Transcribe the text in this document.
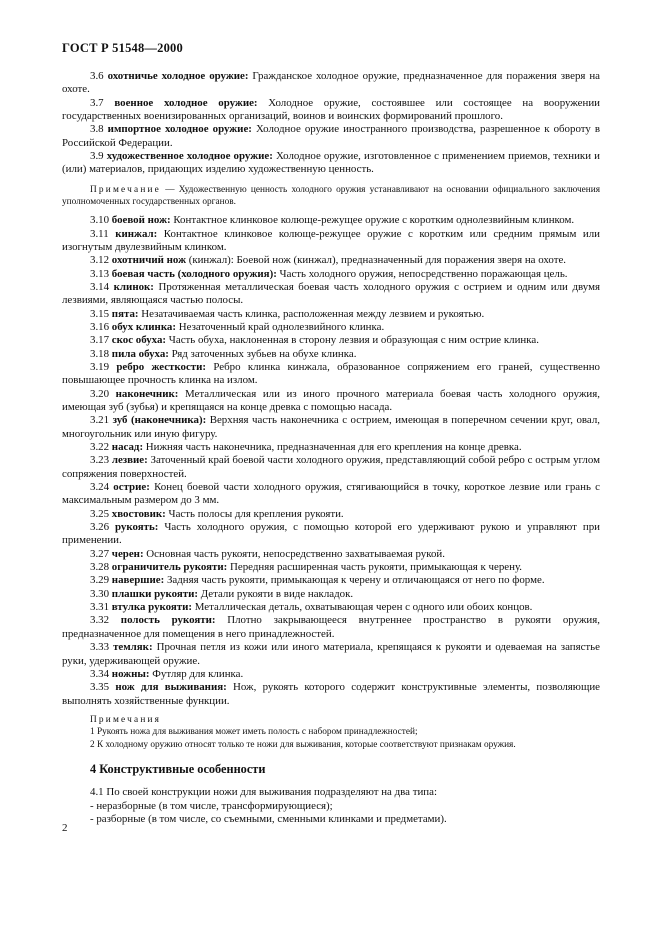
ГОСТ Р 51548—2000

3.6 охотничье холодное оружие: Гражданское холодное оружие, предназначенное для поражения зверя на охоте.

3.7 военное холодное оружие: Холодное оружие, состоявшее или состоящее на вооружении государственных военизированных организаций, воинов и воинских формирований прошлого.

3.8 импортное холодное оружие: Холодное оружие иностранного производства, разрешенное к обороту в Российской Федерации.

3.9 художественное холодное оружие: Холодное оружие, изготовленное с применением приемов, техники и (или) материалов, придающих изделию художественную ценность.

Примечание — Художественную ценность холодного оружия устанавливают на основании официального заключения уполномоченных государственных органов.

3.10 боевой нож: Контактное клинковое колюще-режущее оружие с коротким однолезвийным клинком.

3.11 кинжал: Контактное клинковое колюще-режущее оружие с коротким или средним прямым или изогнутым двулезвийным клинком.

3.12 охотничий нож (кинжал): Боевой нож (кинжал), предназначенный для поражения зверя на охоте.

3.13 боевая часть (холодного оружия): Часть холодного оружия, непосредственно поражающая цель.

3.14 клинок: Протяженная металлическая боевая часть холодного оружия с острием и одним или двумя лезвиями, являющаяся частью полосы.

3.15 пята: Незатачиваемая часть клинка, расположенная между лезвием и рукоятью.

3.16 обух клинка: Незаточенный край однолезвийного клинка.

3.17 скос обуха: Часть обуха, наклоненная в сторону лезвия и образующая с ним острие клинка.

3.18 пила обуха: Ряд заточенных зубьев на обухе клинка.

3.19 ребро жесткости: Ребро клинка кинжала, образованное сопряжением его граней, существенно повышающее прочность клинка на излом.

3.20 наконечник: Металлическая или из иного прочного материала боевая часть холодного оружия, имеющая зуб (зубья) и крепящаяся на конце древка с помощью насада.

3.21 зуб (наконечника): Верхняя часть наконечника с острием, имеющая в поперечном сечении круг, овал, многоугольник или иную фигуру.

3.22 насад: Нижняя часть наконечника, предназначенная для его крепления на конце древка.

3.23 лезвие: Заточенный край боевой части холодного оружия, представляющий собой ребро с острым углом сопряжения поверхностей.

3.24 острие: Конец боевой части холодного оружия, стягивающийся в точку, короткое лезвие или грань с максимальным размером до 3 мм.

3.25 хвостовик: Часть полосы для крепления рукояти.

3.26 рукоять: Часть холодного оружия, с помощью которой его удерживают рукою и управляют при применении.

3.27 черен: Основная часть рукояти, непосредственно захватываемая рукой.

3.28 ограничитель рукояти: Передняя расширенная часть рукояти, примыкающая к черену.

3.29 навершие: Задняя часть рукояти, примыкающая к черену и отличающаяся от него по форме.

3.30 плашки рукояти: Детали рукояти в виде накладок.

3.31 втулка рукояти: Металлическая деталь, охватывающая черен с одного или обоих концов.

3.32 полость рукояти: Плотно закрывающееся внутреннее пространство в рукояти оружия, предназначенное для помещения в него принадлежностей.

3.33 темляк: Прочная петля из кожи или иного материала, крепящаяся к рукояти и одеваемая на запястье руки, удерживающей оружие.

3.34 ножны: Футляр для клинка.

3.35 нож для выживания: Нож, рукоять которого содержит конструктивные элементы, позволяющие выполнять хозяйственные функции.

Примечания
1 Рукоять ножа для выживания может иметь полость с набором принадлежностей;
2 К холодному оружию относят только те ножи для выживания, которые соответствуют признакам оружия.
4 Конструктивные особенности

4.1 По своей конструкции ножи для выживания подразделяют на два типа:

- неразборные (в том числе, трансформирующиеся);

- разборные (в том числе, со съемными, сменными клинками и предметами).

2
